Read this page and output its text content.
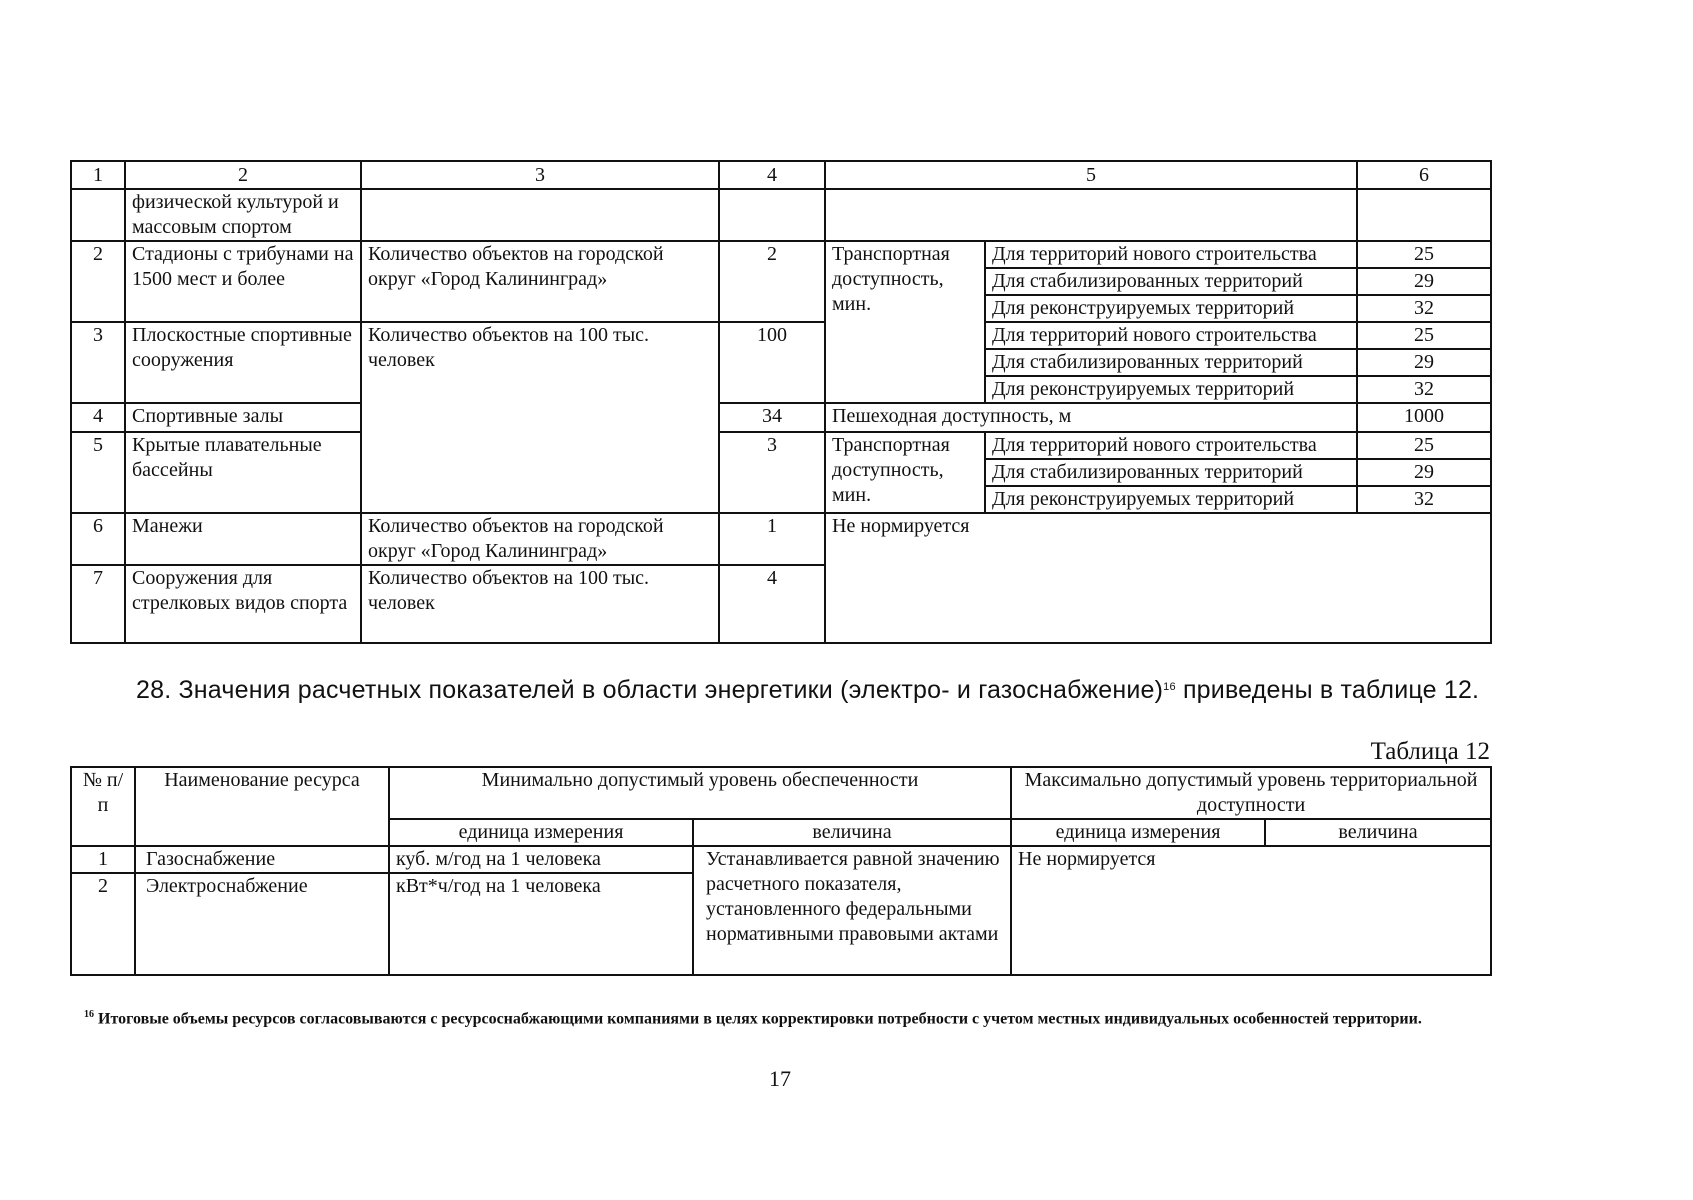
1	2	3	4	5		6
	физической культурой и массовым спортом					
2	Стадионы с трибунами на 1500 мест и более	Количество объектов на городской округ «Город Калининград»	2	Транспортная доступность, мин.	Для территорий нового строительства	25
					Для стабилизированных территорий	29
					Для реконструируемых территорий	32
3	Плоскостные спортивные сооружения	Количество объектов на 100 тыс. человек	100		Для территорий нового строительства	25
					Для стабилизированных территорий	29
					Для реконструируемых территорий	32
4	Спортивные залы		34	Пешеходная доступность, м		1000
5	Крытые плавательные бассейны		3	Транспортная доступность, мин.	Для территорий нового строительства	25
					Для стабилизированных территорий	29
					Для реконструируемых территорий	32
6	Манежи	Количество объектов на городской округ «Город Калининград»	1	Не нормируется		
7	Сооружения для стрелковых видов спорта	Количество объектов на 100 тыс. человек	4			
28. Значения расчетных показателей в области энергетики (электро- и газоснабжение)$^{16}$ приведены в таблице 12.
Таблица 12
№ п/п	Наименование ресурса	Минимально допустимый уровень обеспеченности		Максимально допустимый уровень территориальной доступности	
		единица измерения	величина	единица измерения	величина
1	Газоснабжение	куб. м/год на 1 человека	Устанавливается равной значению расчетного показателя, установленного федеральными нормативными правовыми актами	Не нормируется	
2	Электроснабжение	кВт*ч/год на 1 человека			
$^{16}$ Итоговые объемы ресурсов согласовываются с ресурсоснабжающими компаниями в целях корректировки потребности с учетом местных индивидуальных особенностей территории.
17
